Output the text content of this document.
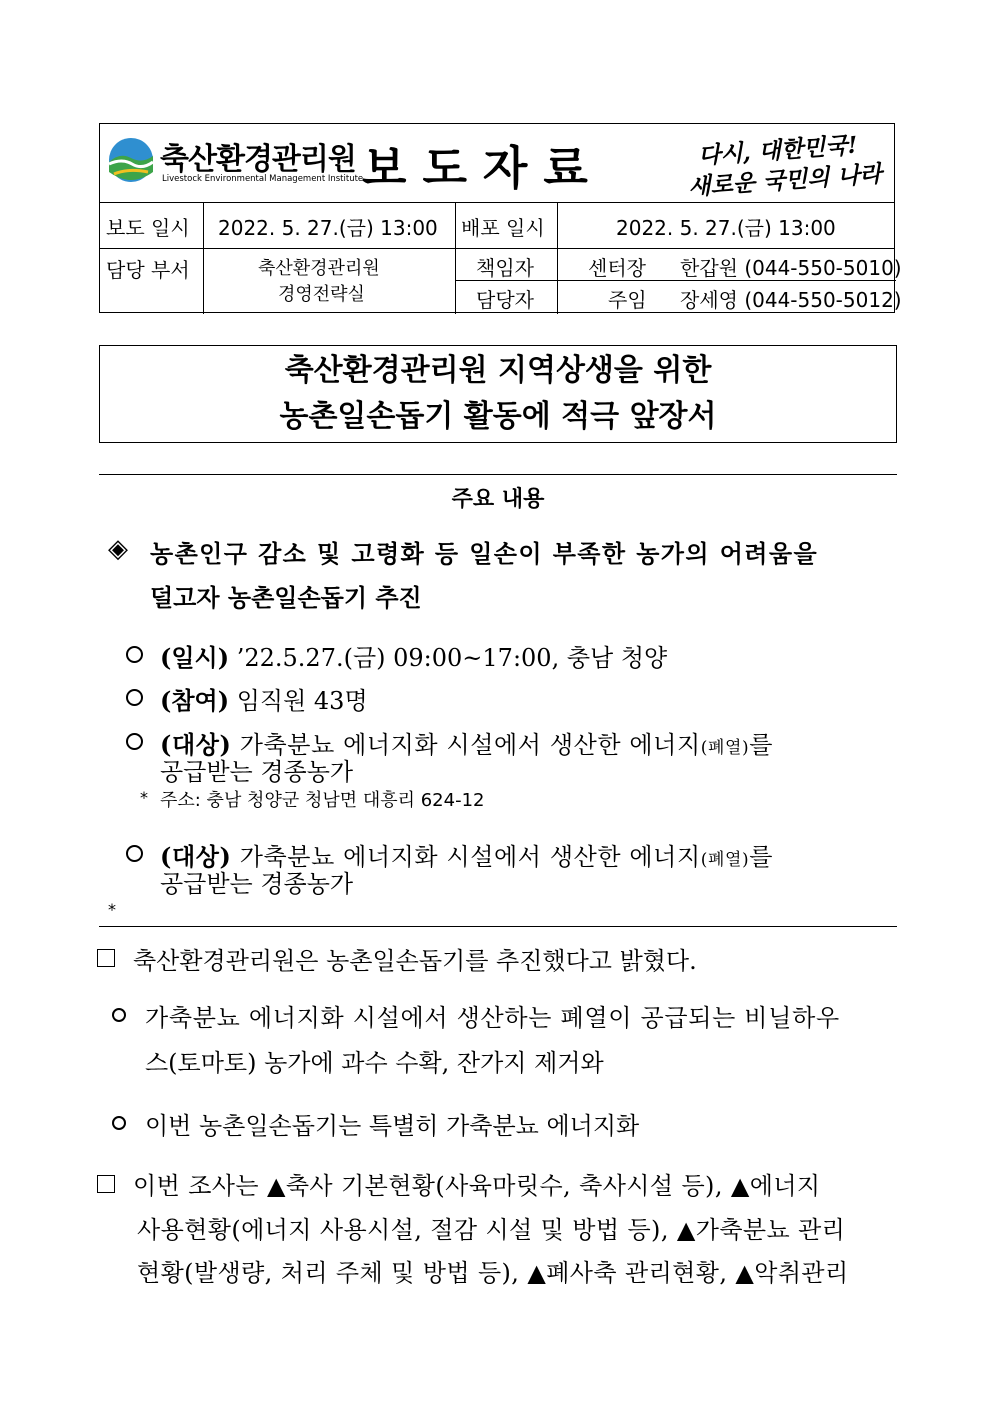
축산환경관리원
Livestock Environmental Management Institute
보 도 자 료	다시, 대한민국!
새로운 국민의 나라
보도 일시 2022. 5. 27.(금) 13:00 배포 일시	2022. 5. 27.(금) 13:00
담당 부서	축산환경관리원
경영전략실
책임자	센터장 한갑원 (044-550-5010)
담당자	주임 장세영 (044-550-5012)
축산환경관리원 지역상생을 위한
농촌일손돕기 활동에 적극 앞장서
주요 내용
◈ 농촌인구 감소 및 고령화 등 일손이 부족한 농가의 어려움을
덜고자 농촌일손돕기 추진
(일시) ’22.5.27.(금) 09:00~17:00, 충남 청양
(참여) 임직원 43명
(대상) 가축분뇨 에너지화 시설에서 생산한 에너지(폐열)를
공급받는 경종농가
* 주소: 충남 청양군 청남면 대흥리 624-12
(대상) 가축분뇨 에너지화 시설에서 생산한 에너지(폐열)를
공급받는 경종농가
*
축산환경관리원은 농촌일손돕기를 추진했다고 밝혔다.
가축분뇨 에너지화 시설에서 생산하는 폐열이 공급되는 비닐하우
스(토마토) 농가에 과수 수확, 잔가지 제거와
이번 농촌일손돕기는 특별히 가축분뇨 에너지화
이번 조사는 ▲축사 기본현황(사육마릿수, 축사시설 등), ▲에너지
사용현황(에너지 사용시설, 절감 시설 및 방법 등), ▲가축분뇨 관리
현황(발생량, 처리 주체 및 방법 등), ▲폐사축 관리현황, ▲악취관리
